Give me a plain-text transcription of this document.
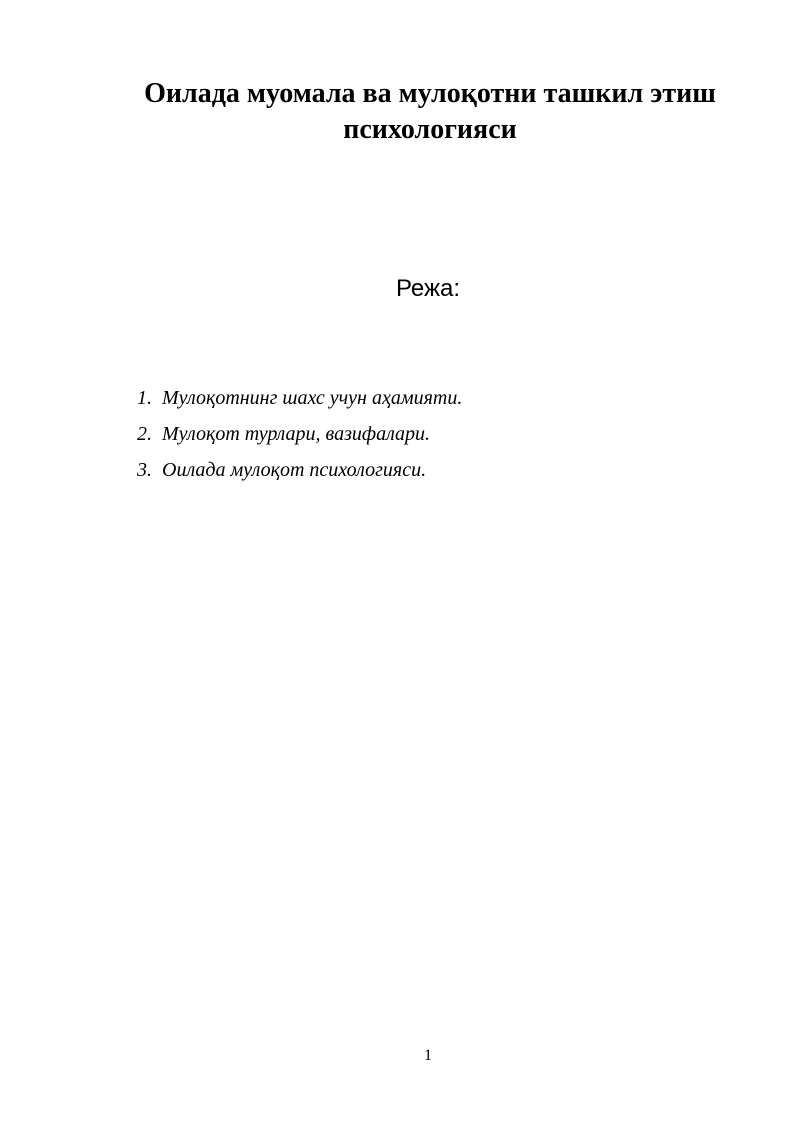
Оилада муомала ва мулоқотни ташкил этиш
психологияси
Режа:
1. Мулоқотнинг шахс учун аҳамияти.
2. Мулоқот турлари, вазифалари.
3. Оилада мулоқот психологияси.
1
